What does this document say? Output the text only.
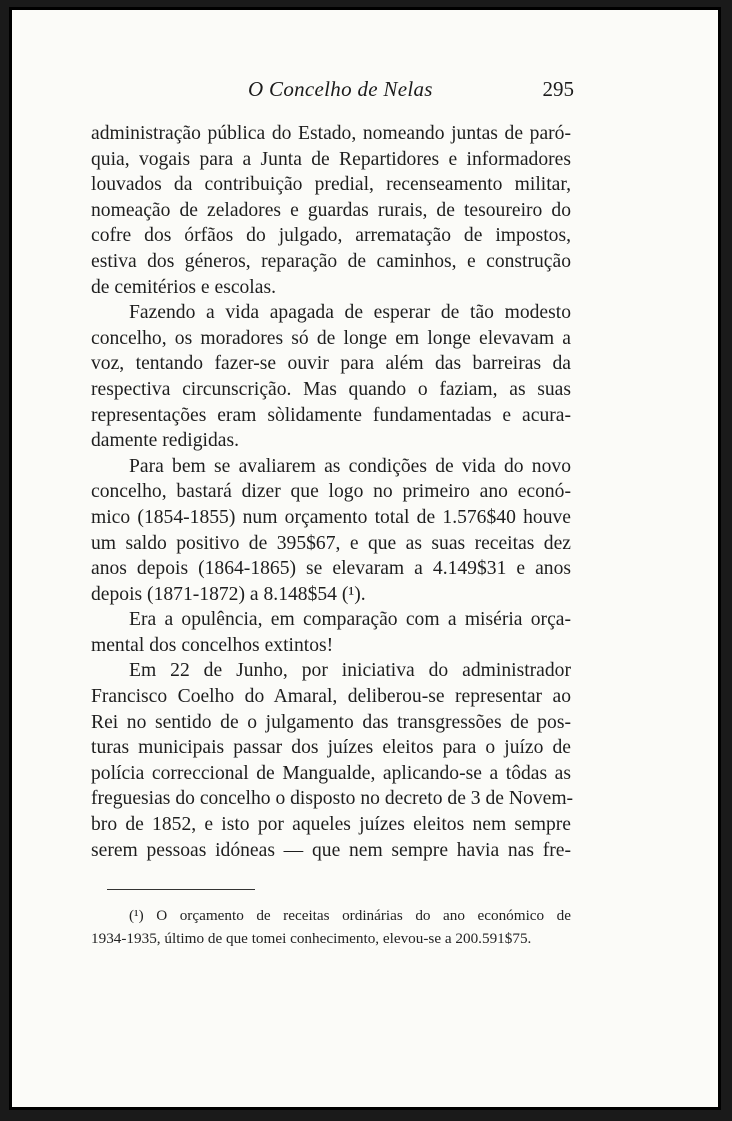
O Concelho de Nelas	295
administração pública do Estado, nomeando juntas de paró-
quia, vogais para a Junta de Repartidores e informadores
louvados da contribuição predial, recenseamento militar,
nomeação de zeladores e guardas rurais, de tesoureiro do
cofre dos órfãos do julgado, arrematação de impostos,
estiva dos géneros, reparação de caminhos, e construção
de cemitérios e escolas.
Fazendo a vida apagada de esperar de tão modesto
concelho, os moradores só de longe em longe elevavam a
voz, tentando fazer-se ouvir para além das barreiras da
respectiva circunscrição. Mas quando o faziam, as suas
representações eram sòlidamente fundamentadas e acura-
damente redigidas.
Para bem se avaliarem as condições de vida do novo
concelho, bastará dizer que logo no primeiro ano econó-
mico (1854-1855) num orçamento total de 1.576$40 houve
um saldo positivo de 395$67, e que as suas receitas dez
anos depois (1864-1865) se elevaram a 4.149$31 e anos
depois (1871-1872) a 8.148$54 (¹).
Era a opulência, em comparação com a miséria orça-
mental dos concelhos extintos!
Em 22 de Junho, por iniciativa do administrador
Francisco Coelho do Amaral, deliberou-se representar ao
Rei no sentido de o julgamento das transgressões de pos-
turas municipais passar dos juízes eleitos para o juízo de
polícia correccional de Mangualde, aplicando-se a tôdas as
freguesias do concelho o disposto no decreto de 3 de Novem-
bro de 1852, e isto por aqueles juízes eleitos nem sempre
serem pessoas idóneas — que nem sempre havia nas fre-
(¹) O orçamento de receitas ordinárias do ano económico de
1934-1935, último de que tomei conhecimento, elevou-se a 200.591$75.
